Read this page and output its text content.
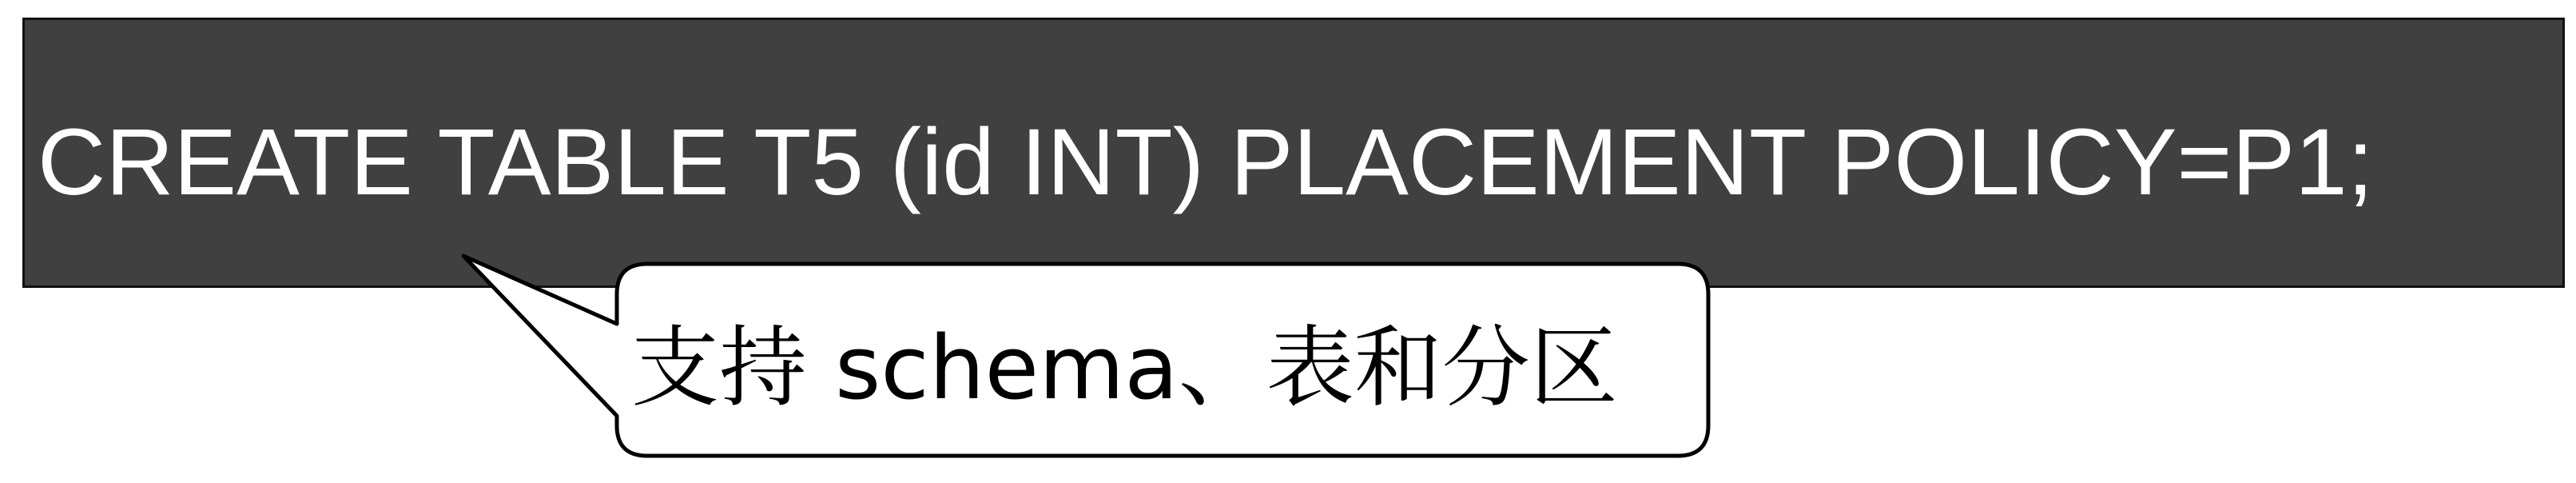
CREATE TABLE T5 (id INT) PLACEMENT POLICY=P1;
支持 schema、表和分区
